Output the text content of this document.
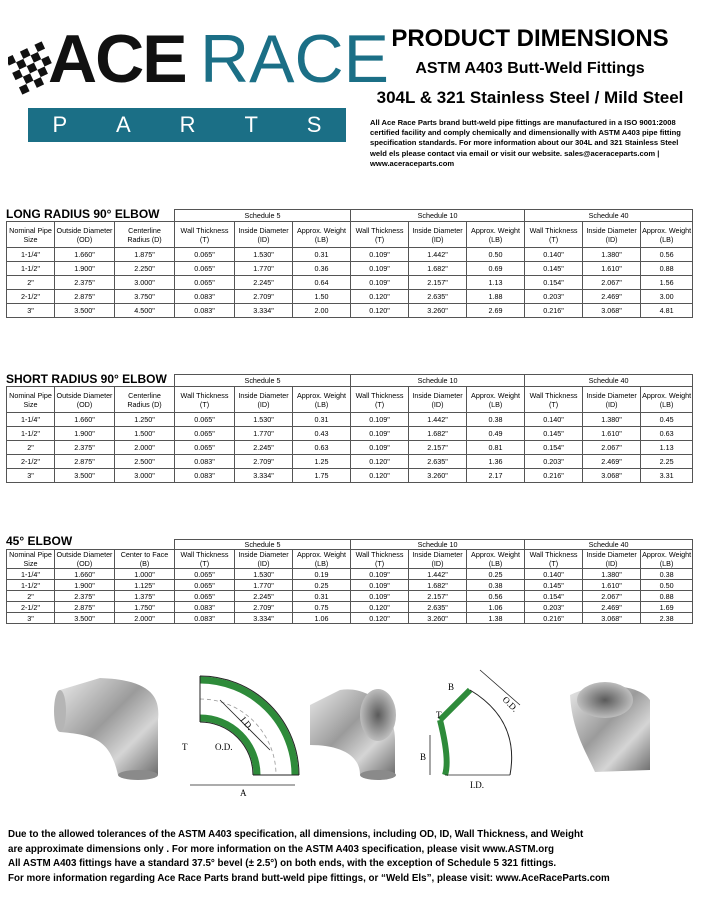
ACE RACE
P A R T S
PRODUCT DIMENSIONS
ASTM A403 Butt-Weld Fittings
304L & 321 Stainless Steel / Mild Steel
All Ace Race Parts brand butt-weld pipe fittings are manufactured in a ISO 9001:2008 certified facility and comply chemically and dimensionally with ASTM A403 pipe fitting specification standards. For more information about our 304L and 321 Stainless Steel weld els please contact via email or visit our website. sales@aceraceparts.com | www.aceraceparts.com
LONG RADIUS 90° ELBOW
			Schedule 5			Schedule 10			Schedule 40		
Nominal Pipe Size	Outside Diameter (OD)	Centerline Radius (D)	Wall Thickness (T)	Inside Diameter (ID)	Approx. Weight (LB)	Wall Thickness (T)	Inside Diameter (ID)	Approx. Weight (LB)	Wall Thickness (T)	Inside Diameter (ID)	Approx. Weight (LB)
1-1/4"	1.660"	1.875"	0.065"	1.530"	0.31	0.109"	1.442"	0.50	0.140"	1.380"	0.56
1-1/2"	1.900"	2.250"	0.065"	1.770"	0.36	0.109"	1.682"	0.69	0.145"	1.610"	0.88
2"	2.375"	3.000"	0.065"	2.245"	0.64	0.109"	2.157"	1.13	0.154"	2.067"	1.56
2-1/2"	2.875"	3.750"	0.083"	2.709"	1.50	0.120"	2.635"	1.88	0.203"	2.469"	3.00
3"	3.500"	4.500"	0.083"	3.334"	2.00	0.120"	3.260"	2.69	0.216"	3.068"	4.81
SHORT RADIUS 90° ELBOW
			Schedule 5			Schedule 10			Schedule 40		
Nominal Pipe Size	Outside Diameter (OD)	Centerline Radius (D)	Wall Thickness (T)	Inside Diameter (ID)	Approx. Weight (LB)	Wall Thickness (T)	Inside Diameter (ID)	Approx. Weight (LB)	Wall Thickness (T)	Inside Diameter (ID)	Approx. Weight (LB)
1-1/4"	1.660"	1.250"	0.065"	1.530"	0.31	0.109"	1.442"	0.38	0.140"	1.380"	0.45
1-1/2"	1.900"	1.500"	0.065"	1.770"	0.43	0.109"	1.682"	0.49	0.145"	1.610"	0.63
2"	2.375"	2.000"	0.065"	2.245"	0.63	0.109"	2.157"	0.81	0.154"	2.067"	1.13
2-1/2"	2.875"	2.500"	0.083"	2.709"	1.25	0.120"	2.635"	1.36	0.203"	2.469"	2.25
3"	3.500"	3.000"	0.083"	3.334"	1.75	0.120"	3.260"	2.17	0.216"	3.068"	3.31
45° ELBOW
			Schedule 5			Schedule 10			Schedule 40		
Nominal Pipe Size	Outside Diameter (OD)	Center to Face (B)	Wall Thickness (T)	Inside Diameter (ID)	Approx. Weight (LB)	Wall Thickness (T)	Inside Diameter (ID)	Approx. Weight (LB)	Wall Thickness (T)	Inside Diameter (ID)	Approx. Weight (LB)
1-1/4"	1.660"	1.000"	0.065"	1.530"	0.19	0.109"	1.442"	0.25	0.140"	1.380"	0.38
1-1/2"	1.900"	1.125"	0.065"	1.770"	0.25	0.109"	1.682"	0.38	0.145"	1.610"	0.50
2"	2.375"	1.375"	0.065"	2.245"	0.31	0.109"	2.157"	0.56	0.154"	2.067"	0.88
2-1/2"	2.875"	1.750"	0.083"	2.709"	0.75	0.120"	2.635"	1.06	0.203"	2.469"	1.69
3"	3.500"	2.000"	0.083"	3.334"	1.06	0.120"	3.260"	1.38	0.216"	3.068"	2.38
I.D.
O.D.
T
A
B
B
T
O.D.
I.D.
Due to the allowed tolerances of the ASTM A403 specification, all dimensions, including OD, ID, Wall Thickness, and Weight
are approximate dimensions only . For more information on the ASTM A403 specification, please visit www.ASTM.org
All ASTM A403 fittings have a standard 37.5° bevel (± 2.5°) on both ends, with the exception of Schedule 5 321 fittings.
For more information regarding Ace Race Parts brand butt-weld pipe fittings, or “Weld Els”, please visit: www.AceRaceParts.com
